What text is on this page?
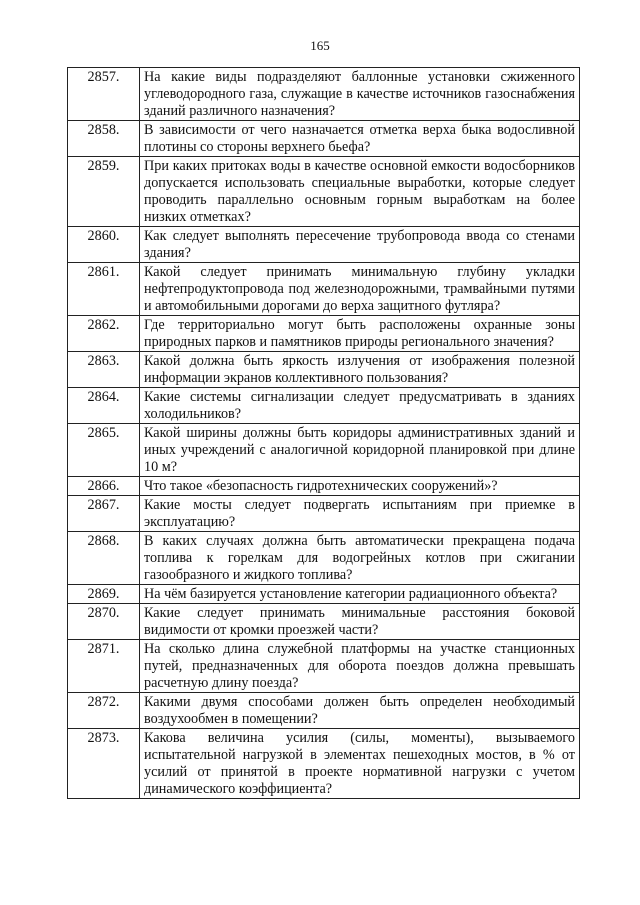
165
2857.	На какие виды подразделяют баллонные установки сжиженного углеводородного газа, служащие в качестве источников газоснабжения зданий различного назначения?
2858.	В зависимости от чего назначается отметка верха быка водосливной плотины со стороны верхнего бьефа?
2859.	При каких притоках воды в качестве основной емкости водосборников допускается использовать специальные выработки, которые следует проводить параллельно основным горным выработкам на более низких отметках?
2860.	Как следует выполнять пересечение трубопровода ввода со стенами здания?
2861.	Какой следует принимать минимальную глубину укладки нефтепродуктопровода под железнодорожными, трамвайными путями и автомобильными дорогами до верха защитного футляра?
2862.	Где территориально могут быть расположены охранные зоны природных парков и памятников природы регионального значения?
2863.	Какой должна быть яркость излучения от изображения полезной информации экранов коллективного пользования?
2864.	Какие системы сигнализации следует предусматривать в зданиях холодильников?
2865.	Какой ширины должны быть коридоры административных зданий и иных учреждений с аналогичной коридорной планировкой при длине 10 м?
2866.	Что такое «безопасность гидротехнических сооружений»?
2867.	Какие мосты следует подвергать испытаниям при приемке в эксплуатацию?
2868.	В каких случаях должна быть автоматически прекращена подача топлива к горелкам для водогрейных котлов при сжигании газообразного и жидкого топлива?
2869.	На чём базируется установление категории радиационного объекта?
2870.	Какие следует принимать минимальные расстояния боковой видимости от кромки проезжей части?
2871.	На сколько длина служебной платформы на участке станционных путей, предназначенных для оборота поездов должна превышать расчетную длину поезда?
2872.	Какими двумя способами должен быть определен необходимый воздухообмен в помещении?
2873.	Какова величина усилия (силы, моменты), вызываемого испытательной нагрузкой в элементах пешеходных мостов, в % от усилий от принятой в проекте нормативной нагрузки с учетом динамического коэффициента?
